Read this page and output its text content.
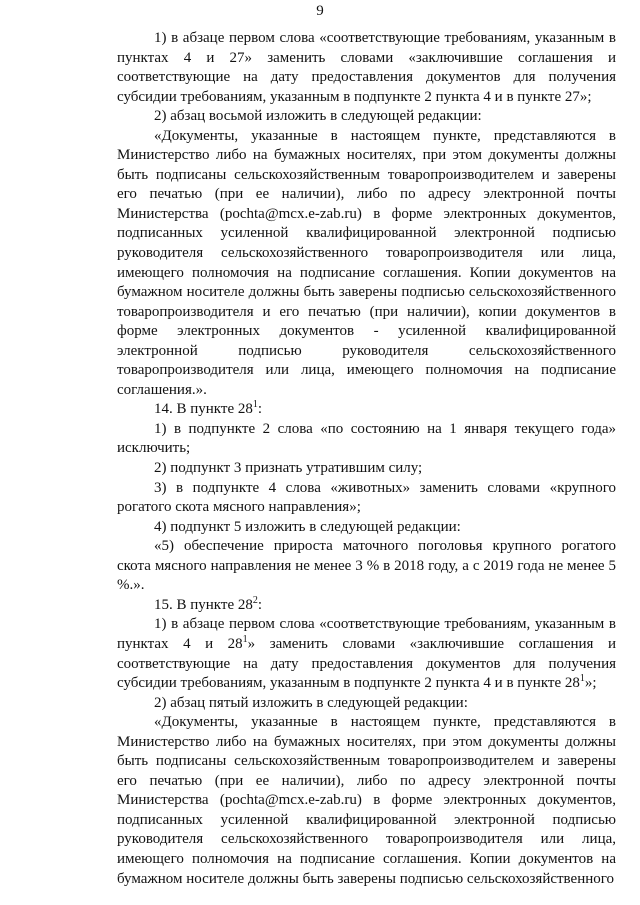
9

1) в абзаце первом слова «соответствующие требованиям, указанным в пунктах 4 и 27» заменить словами «заключившие соглашения и соответствующие на дату предоставления документов для получения субсидии требованиям, указанным в подпункте 2 пункта 4 и в пункте 27»;

2) абзац восьмой изложить в следующей редакции:

«Документы, указанные в настоящем пункте, представляются в Министерство либо на бумажных носителях, при этом документы должны быть подписаны сельскохозяйственным товаропроизводителем и заверены его печатью (при ее наличии), либо по адресу электронной почты Министерства (pochta@mcx.e-zab.ru) в форме электронных документов, подписанных усиленной квалифицированной электронной подписью руководителя сельскохозяйственного товаропроизводителя или лица, имеющего полномочия на подписание соглашения. Копии документов на бумажном носителе должны быть заверены подписью сельскохозяйственного товаропроизводителя и его печатью (при наличии), копии документов в форме электронных документов - усиленной квалифицированной электронной подписью руководителя сельскохозяйственного товаропроизводителя или лица, имеющего полномочия на подписание соглашения.».

14. В пункте $28^1$:

1) в подпункте 2 слова «по состоянию на 1 января текущего года» исключить;

2) подпункт 3 признать утратившим силу;

3) в подпункте 4 слова «животных» заменить словами «крупного рогатого скота мясного направления»;

4) подпункт 5 изложить в следующей редакции:

«5) обеспечение прироста маточного поголовья крупного рогатого скота мясного направления не менее 3 % в 2018 году, а с 2019 года не менее 5 %.».

15. В пункте $28^2$:

1) в абзаце первом слова «соответствующие требованиям, указанным в пунктах 4 и $28^1$» заменить словами «заключившие соглашения и соответствующие на дату предоставления документов для получения субсидии требованиям, указанным в подпункте 2 пункта 4 и в пункте $28^1$»;

2) абзац пятый изложить в следующей редакции:

«Документы, указанные в настоящем пункте, представляются в Министерство либо на бумажных носителях, при этом документы должны быть подписаны сельскохозяйственным товаропроизводителем и заверены его печатью (при ее наличии), либо по адресу электронной почты Министерства (pochta@mcx.e-zab.ru) в форме электронных документов, подписанных усиленной квалифицированной электронной подписью руководителя сельскохозяйственного товаропроизводителя или лица, имеющего полномочия на подписание соглашения. Копии документов на бумажном носителе должны быть заверены подписью сельскохозяйственного
